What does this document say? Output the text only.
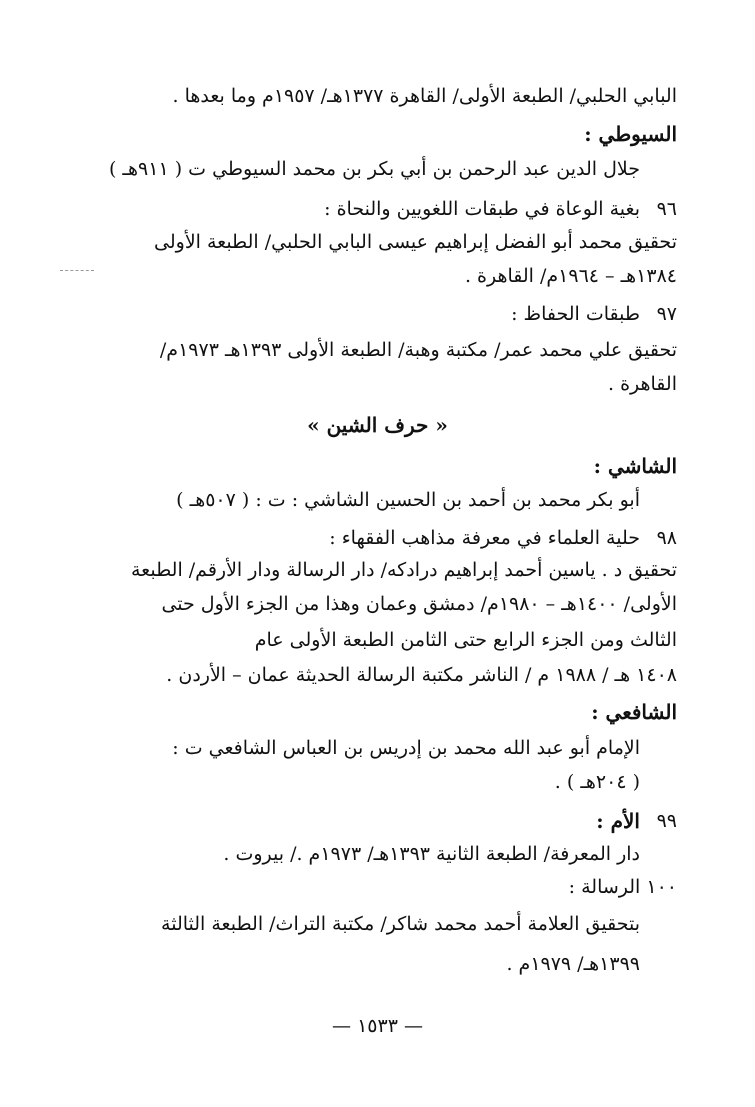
البابي الحلبي/ الطبعة الأولى/ القاهرة ١٣٧٧هـ/ ١٩٥٧م وما بعدها .
السيوطي :
جلال الدين عبد الرحمن بن أبي بكر بن محمد السيوطي ت ( ٩١١هـ )
٩٦
بغية الوعاة في طبقات اللغويين والنحاة :
تحقيق محمد أبو الفضل إبراهيم عيسى البابي الحلبي/ الطبعة الأولى
١٣٨٤هـ – ١٩٦٤م/ القاهرة .
٩٧
طبقات الحفاظ :
تحقيق علي محمد عمر/ مكتبة وهبة/ الطبعة الأولى ١٣٩٣هـ ١٩٧٣م/
القاهرة .
« حرف الشين »
الشاشي :
أبو بكر محمد بن أحمد بن الحسين الشاشي : ت : ( ٥٠٧هـ )
٩٨
حلية العلماء في معرفة مذاهب الفقهاء :
تحقيق د . ياسين أحمد إبراهيم درادكه/ دار الرسالة ودار الأرقم/ الطبعة
الأولى/ ١٤٠٠هـ – ١٩٨٠م/ دمشق وعمان وهذا من الجزء الأول حتى
الثالث ومن الجزء الرابع حتى الثامن الطبعة الأولى عام
١٤٠٨ هـ / ١٩٨٨ م / الناشر مكتبة الرسالة الحديثة عمان – الأردن .
الشافعي :
الإمام أبو عبد الله محمد بن إدريس بن العباس الشافعي ت :
( ٢٠٤هـ ) .
٩٩
الأم :
دار المعرفة/ الطبعة الثانية ١٣٩٣هـ/ ١٩٧٣م ./ بيروت .
١٠٠ الرسالة :
بتحقيق العلامة أحمد محمد شاكر/ مكتبة التراث/ الطبعة الثالثة
١٣٩٩هـ/ ١٩٧٩م .
— ١٥٣٣ —
